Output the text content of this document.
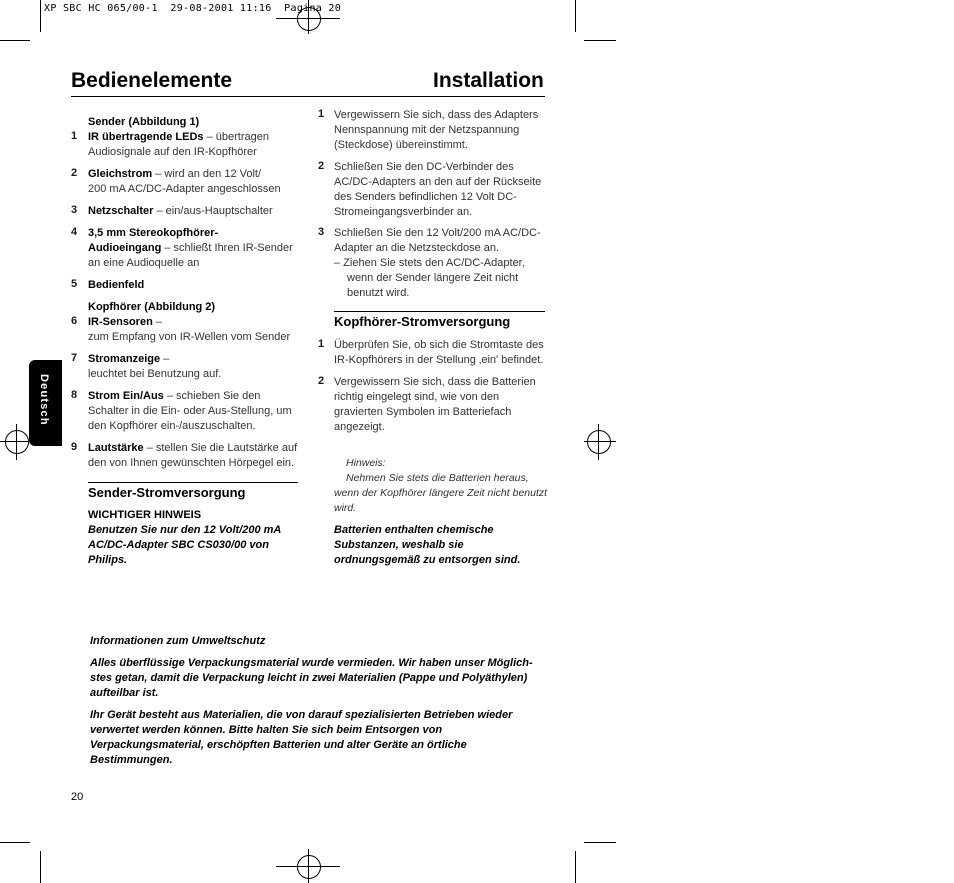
XP SBC HC 065/00-1  29-08-2001 11:16  Pagina 20
Bedienelemente	Installation
Deutsch
Sender (Abbildung 1)
1 IR übertragende LEDs – übertragen
Audiosignale auf den IR-Kopfhörer
2 Gleichstrom – wird an den 12 Volt/
200 mA AC/DC-Adapter angeschlossen
3 Netzschalter – ein/aus-Hauptschalter
4 3,5 mm Stereokopfhörer-
Audioeingang – schließt Ihren IR-Sender
an eine Audioquelle an
5 Bedienfeld
Kopfhörer (Abbildung 2)
6 IR-Sensoren –
zum Empfang von IR-Wellen vom Sender
7 Stromanzeige –
leuchtet bei Benutzung auf.
8 Strom Ein/Aus – schieben Sie den
Schalter in die Ein- oder Aus-Stellung, um
den Kopfhörer ein-/auszuschalten.
9 Lautstärke – stellen Sie die Lautstärke auf
den von Ihnen gewünschten Hörpegel ein.
Sender-Stromversorgung
WICHTIGER HINWEIS
Benutzen Sie nur den 12 Volt/200 mA
AC/DC-Adapter SBC CS030/00 von
Philips.
1 Vergewissern Sie sich, dass des Adapters
Nennspannung mit der Netzspannung
(Steckdose) übereinstimmt.
2 Schließen Sie den DC-Verbinder des
AC/DC-Adapters an den auf der Rückseite
des Senders befindlichen 12 Volt DC-
Stromeingangsverbinder an.
3 Schließen Sie den 12 Volt/200 mA AC/DC-
Adapter an die Netzsteckdose an.
– Ziehen Sie stets den AC/DC-Adapter,
wenn der Sender längere Zeit nicht
benutzt wird.
Kopfhörer-Stromversorgung
1 Überprüfen Sie, ob sich die Stromtaste des
IR-Kopfhörers in der Stellung ‚ein' befindet.
2 Vergewissern Sie sich, dass die Batterien
richtig eingelegt sind, wie von den
gravierten Symbolen im Batteriefach
angezeigt.
Hinweis:
Nehmen Sie stets die Batterien heraus,
wenn der Kopfhörer längere Zeit nicht benutzt
wird.
Batterien enthalten chemische
Substanzen, weshalb sie
ordnungsgemäß zu entsorgen sind.
Informationen zum Umweltschutz
Alles überflüssige Verpackungsmaterial wurde vermieden. Wir haben unser Möglich-
stes getan, damit die Verpackung leicht in zwei Materialien (Pappe und Polyäthylen)
aufteilbar ist.
Ihr Gerät besteht aus Materialien, die von darauf spezialisierten Betrieben wieder
verwertet werden können. Bitte halten Sie sich beim Entsorgen von
Verpackungsmaterial, erschöpften Batterien und alter Geräte an örtliche
Bestimmungen.
20
